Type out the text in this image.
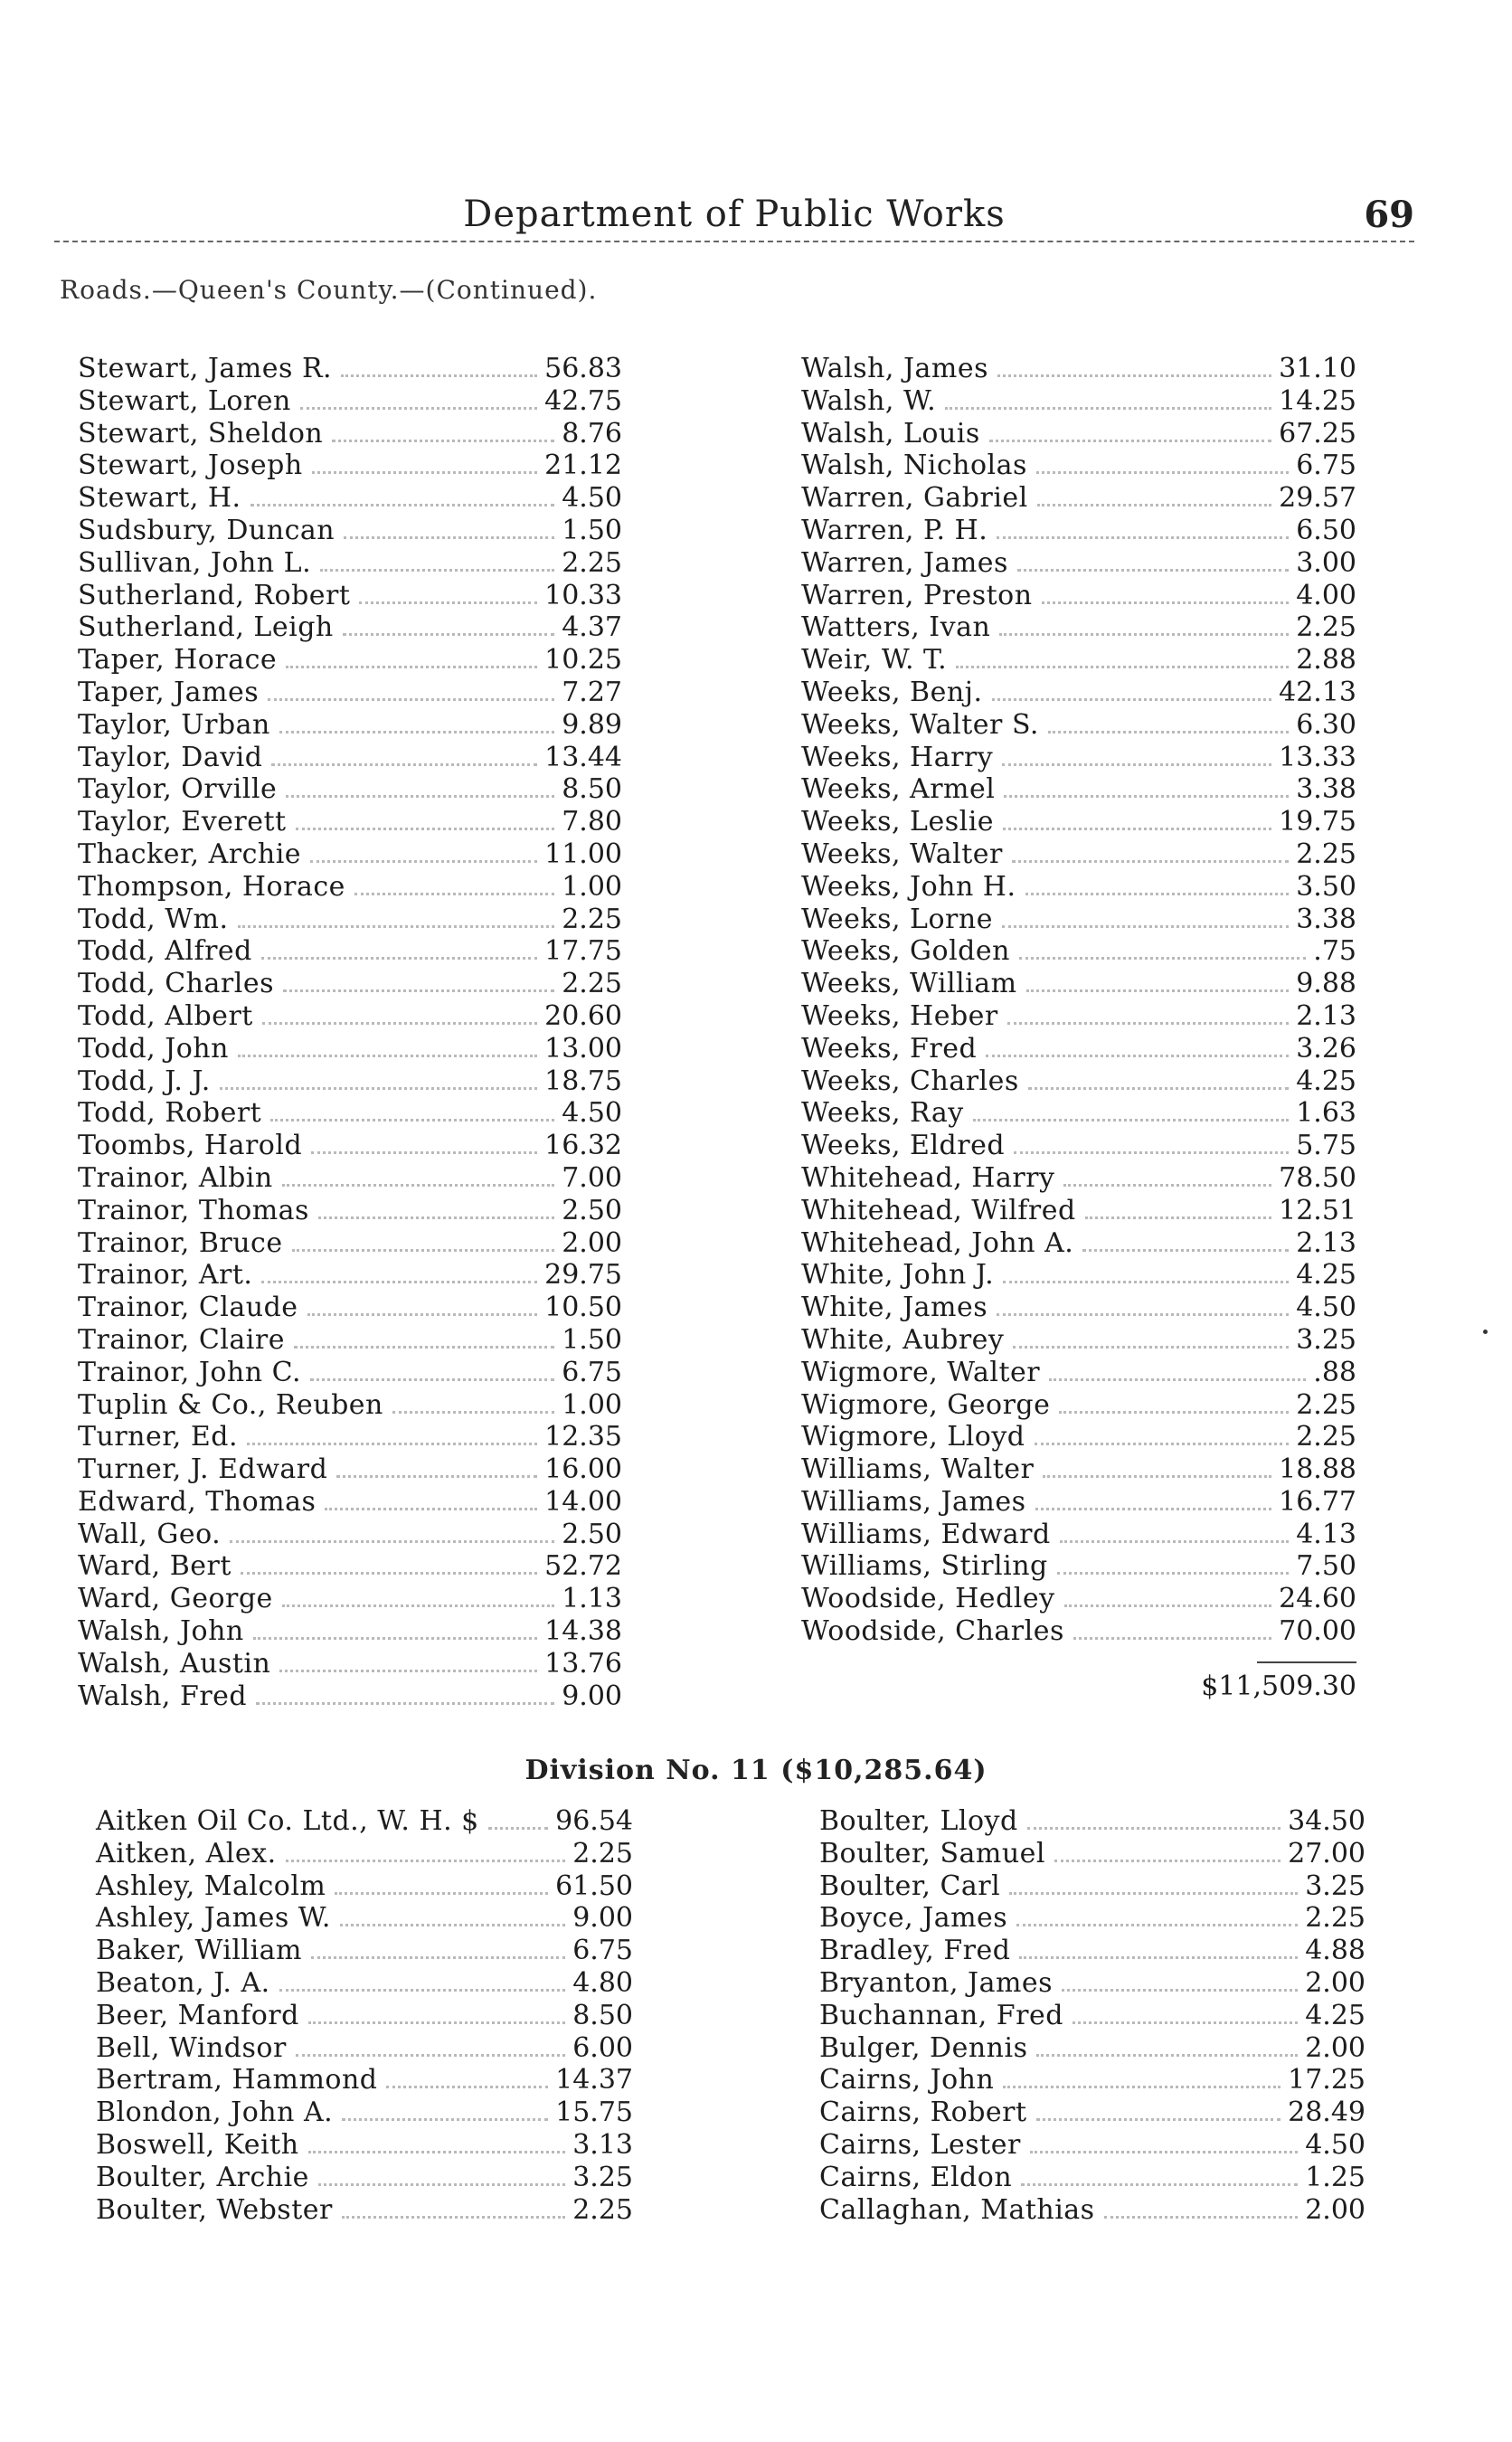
Department of Public Works	69
Roads.—Queen's County.—(Continued).
Stewart, James R.	56.83
Stewart, Loren	42.75
Stewart, Sheldon	8.76
Stewart, Joseph	21.12
Stewart, H.	4.50
Sudsbury, Duncan	1.50
Sullivan, John L.	2.25
Sutherland, Robert	10.33
Sutherland, Leigh	4.37
Taper, Horace	10.25
Taper, James	7.27
Taylor, Urban	9.89
Taylor, David	13.44
Taylor, Orville	8.50
Taylor, Everett	7.80
Thacker, Archie	11.00
Thompson, Horace	1.00
Todd, Wm.	2.25
Todd, Alfred	17.75
Todd, Charles	2.25
Todd, Albert	20.60
Todd, John	13.00
Todd, J. J.	18.75
Todd, Robert	4.50
Toombs, Harold	16.32
Trainor, Albin	7.00
Trainor, Thomas	2.50
Trainor, Bruce	2.00
Trainor, Art.	29.75
Trainor, Claude	10.50
Trainor, Claire	1.50
Trainor, John C.	6.75
Tuplin & Co., Reuben	1.00
Turner, Ed.	12.35
Turner, J. Edward	16.00
Edward, Thomas	14.00
Wall, Geo.	2.50
Ward, Bert	52.72
Ward, George	1.13
Walsh, John	14.38
Walsh, Austin	13.76
Walsh, Fred	9.00
Walsh, James	31.10
Walsh, W.	14.25
Walsh, Louis	67.25
Walsh, Nicholas	6.75
Warren, Gabriel	29.57
Warren, P. H.	6.50
Warren, James	3.00
Warren, Preston	4.00
Watters, Ivan	2.25
Weir, W. T.	2.88
Weeks, Benj.	42.13
Weeks, Walter S.	6.30
Weeks, Harry	13.33
Weeks, Armel	3.38
Weeks, Leslie	19.75
Weeks, Walter	2.25
Weeks, John H.	3.50
Weeks, Lorne	3.38
Weeks, Golden	.75
Weeks, William	9.88
Weeks, Heber	2.13
Weeks, Fred	3.26
Weeks, Charles	4.25
Weeks, Ray	1.63
Weeks, Eldred	5.75
Whitehead, Harry	78.50
Whitehead, Wilfred	12.51
Whitehead, John A.	2.13
White, John J.	4.25
White, James	4.50
White, Aubrey	3.25
Wigmore, Walter	.88
Wigmore, George	2.25
Wigmore, Lloyd	2.25
Williams, Walter	18.88
Williams, James	16.77
Williams, Edward	4.13
Williams, Stirling	7.50
Woodside, Hedley	24.60
Woodside, Charles	70.00
$11,509.30
Division No. 11 ($10,285.64)
Aitken Oil Co. Ltd., W. H. $	96.54
Aitken, Alex.	2.25
Ashley, Malcolm	61.50
Ashley, James W.	9.00
Baker, William	6.75
Beaton, J. A.	4.80
Beer, Manford	8.50
Bell, Windsor	6.00
Bertram, Hammond	14.37
Blondon, John A.	15.75
Boswell, Keith	3.13
Boulter, Archie	3.25
Boulter, Webster	2.25
Boulter, Lloyd	34.50
Boulter, Samuel	27.00
Boulter, Carl	3.25
Boyce, James	2.25
Bradley, Fred	4.88
Bryanton, James	2.00
Buchannan, Fred	4.25
Bulger, Dennis	2.00
Cairns, John	17.25
Cairns, Robert	28.49
Cairns, Lester	4.50
Cairns, Eldon	1.25
Callaghan, Mathias	2.00
